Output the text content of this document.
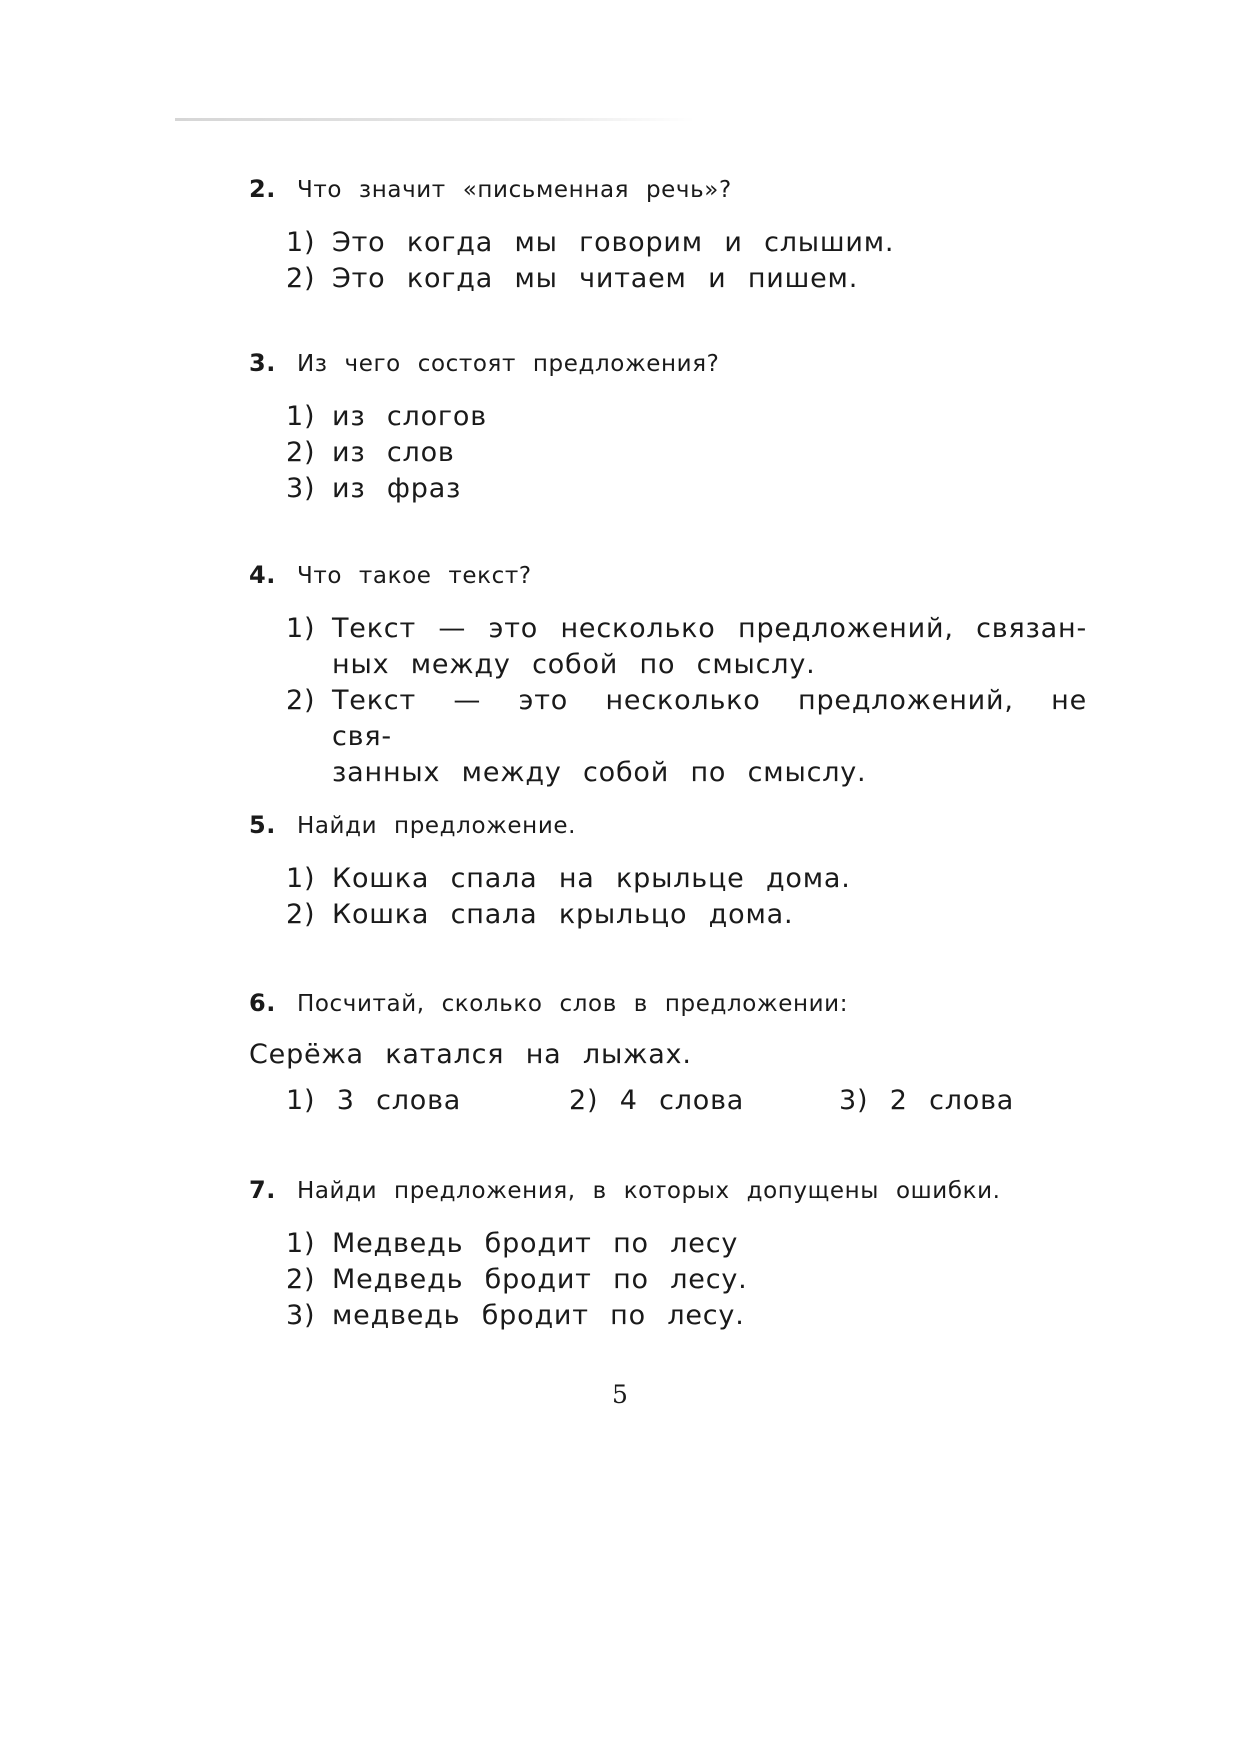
2. Что значит «письменная речь»?
1) Это когда мы говорим и слышим.
2) Это когда мы читаем и пишем.
3. Из чего состоят предложения?
1) из слогов
2) из слов
3) из фраз
4. Что такое текст?
1) Текст — это несколько предложений, связан-
ных между собой по смыслу.
2) Текст — это несколько предложений, не свя-
занных между собой по смыслу.
5. Найди предложение.
1) Кошка спала на крыльце дома.
2) Кошка спала крыльцо дома.
6. Посчитай, сколько слов в предложении:
Серёжа катался на лыжах.
1) 3 слова	2) 4 слова	3) 2 слова
7. Найди предложения, в которых допущены ошибки.
1) Медведь бродит по лесу
2) Медведь бродит по лесу.
3) медведь бродит по лесу.
5
